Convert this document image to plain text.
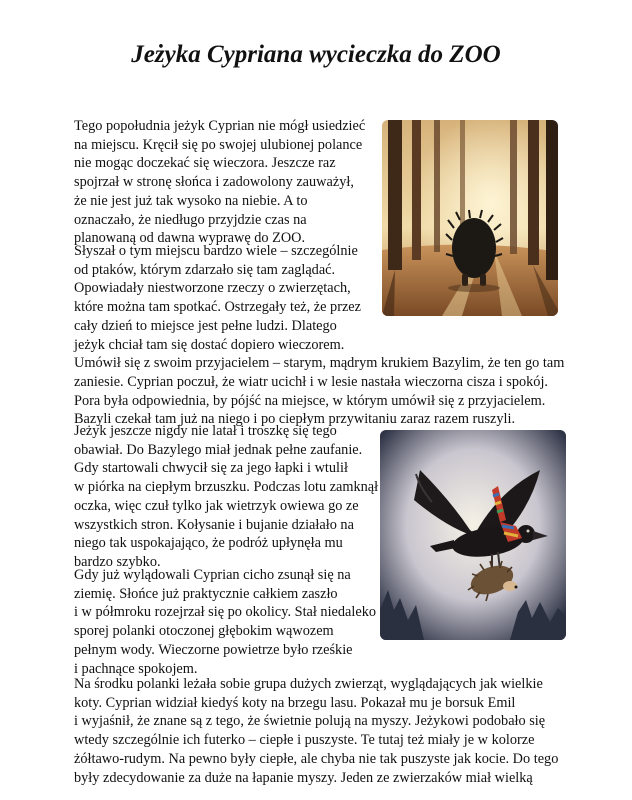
Jeżyka Cypriana wycieczka do ZOO

Tego popołudnia jeżyk Cyprian nie mógł usiedzieć
na miejscu. Kręcił się po swojej ulubionej polance
nie mogąc doczekać się wieczora. Jeszcze raz
spojrzał w stronę słońca i zadowolony zauważył,
że nie jest już tak wysoko na niebie. A to
oznaczało, że niedługo przyjdzie czas na
planowaną od dawna wyprawę do ZOO.

Słyszał o tym miejscu bardzo wiele – szczególnie
od ptaków, którym zdarzało się tam zaglądać.
Opowiadały niestworzone rzeczy o zwierzętach,
które można tam spotkać. Ostrzegały też, że przez
cały dzień to miejsce jest pełne ludzi. Dlatego
jeżyk chciał tam się dostać dopiero wieczorem.
Umówił się z swoim przyjacielem – starym, mądrym krukiem Bazylim, że ten go tam
zaniesie. Cyprian poczuł, że wiatr ucichł i w lesie nastała wieczorna cisza i spokój.
Pora była odpowiednia, by pójść na miejsce, w którym umówił się z przyjacielem.
Bazyli czekał tam już na niego i po ciepłym przywitaniu zaraz razem ruszyli.

Jeżyk jeszcze nigdy nie latał i troszkę się tego
obawiał. Do Bazylego miał jednak pełne zaufanie.
Gdy startowali chwycił się za jego łapki i wtulił
w piórka na ciepłym brzuszku. Podczas lotu zamknął
oczka, więc czuł tylko jak wietrzyk owiewa go ze
wszystkich stron. Kołysanie i bujanie działało na
niego tak uspokajająco, że podróż upłynęła mu
bardzo szybko.

Gdy już wylądowali Cyprian cicho zsunął się na
ziemię. Słońce już praktycznie całkiem zaszło
i w półmroku rozejrzał się po okolicy. Stał niedaleko
sporej polanki otoczonej głębokim wąwozem
pełnym wody. Wieczorne powietrze było rześkie
i pachnące spokojem.

Na środku polanki leżała sobie grupa dużych zwierząt, wyglądających jak wielkie
koty. Cyprian widział kiedyś koty na brzegu lasu. Pokazał mu je borsuk Emil
i wyjaśnił, że znane są z tego, że świetnie polują na myszy. Jeżykowi podobało się
wtedy szczególnie ich futerko – ciepłe i puszyste. Te tutaj też miały je w kolorze
żółtawo-rudym. Na pewno były ciepłe, ale chyba nie tak puszyste jak kocie. Do tego
były zdecydowanie za duże na łapanie myszy. Jeden ze zwierzaków miał wielką
